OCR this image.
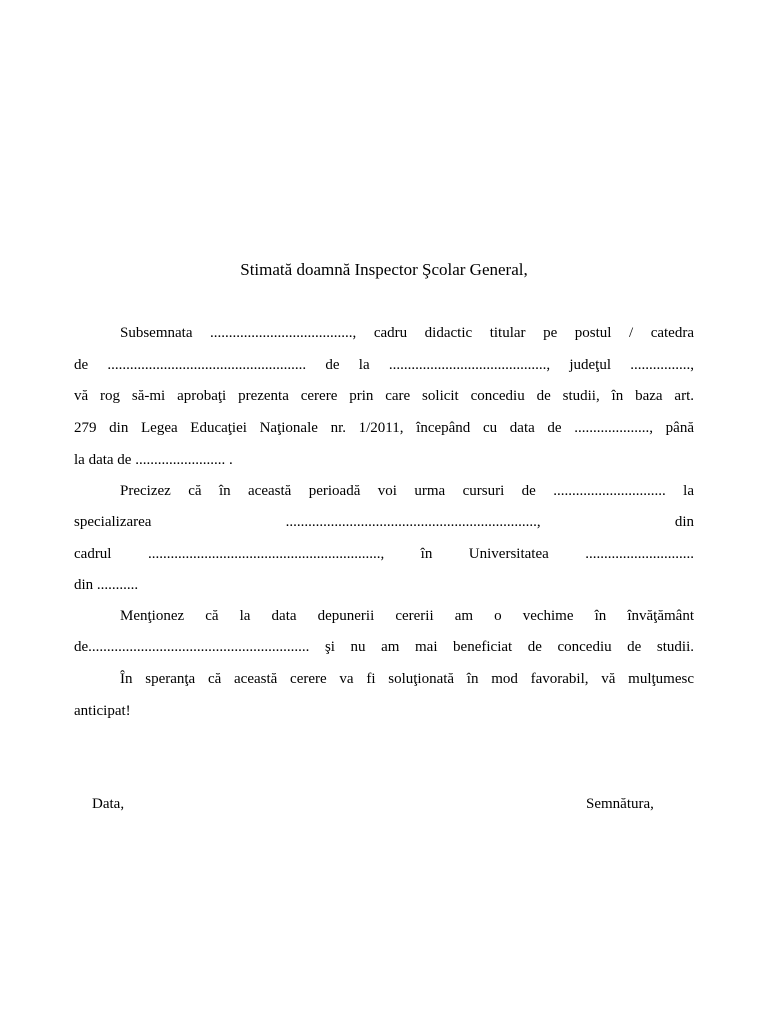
Stimată doamnă Inspector Şcolar General,

Subsemnata ......................................, cadru didactic titular pe postul / catedra

de ..................................................... de la .........................................., judeţul ................,

vă rog să-mi aprobaţi prezenta cerere prin care solicit concediu de studii, în baza art.

279 din Legea Educaţiei Naţionale nr. 1/2011, începând cu data de ...................., până

la data de ........................ .

Precizez că în această perioadă voi urma cursuri de .............................. la

specializarea ..................................................................., din

cadrul .............................................................., în Universitatea .............................

din ...........

Menţionez că la data depunerii cererii am o vechime în învăţământ

de........................................................... şi nu am mai beneficiat de concediu de studii.

În speranţa că această cerere va fi soluţionată în mod favorabil, vă mulţumesc

anticipat!

Data,	Semnătura,
